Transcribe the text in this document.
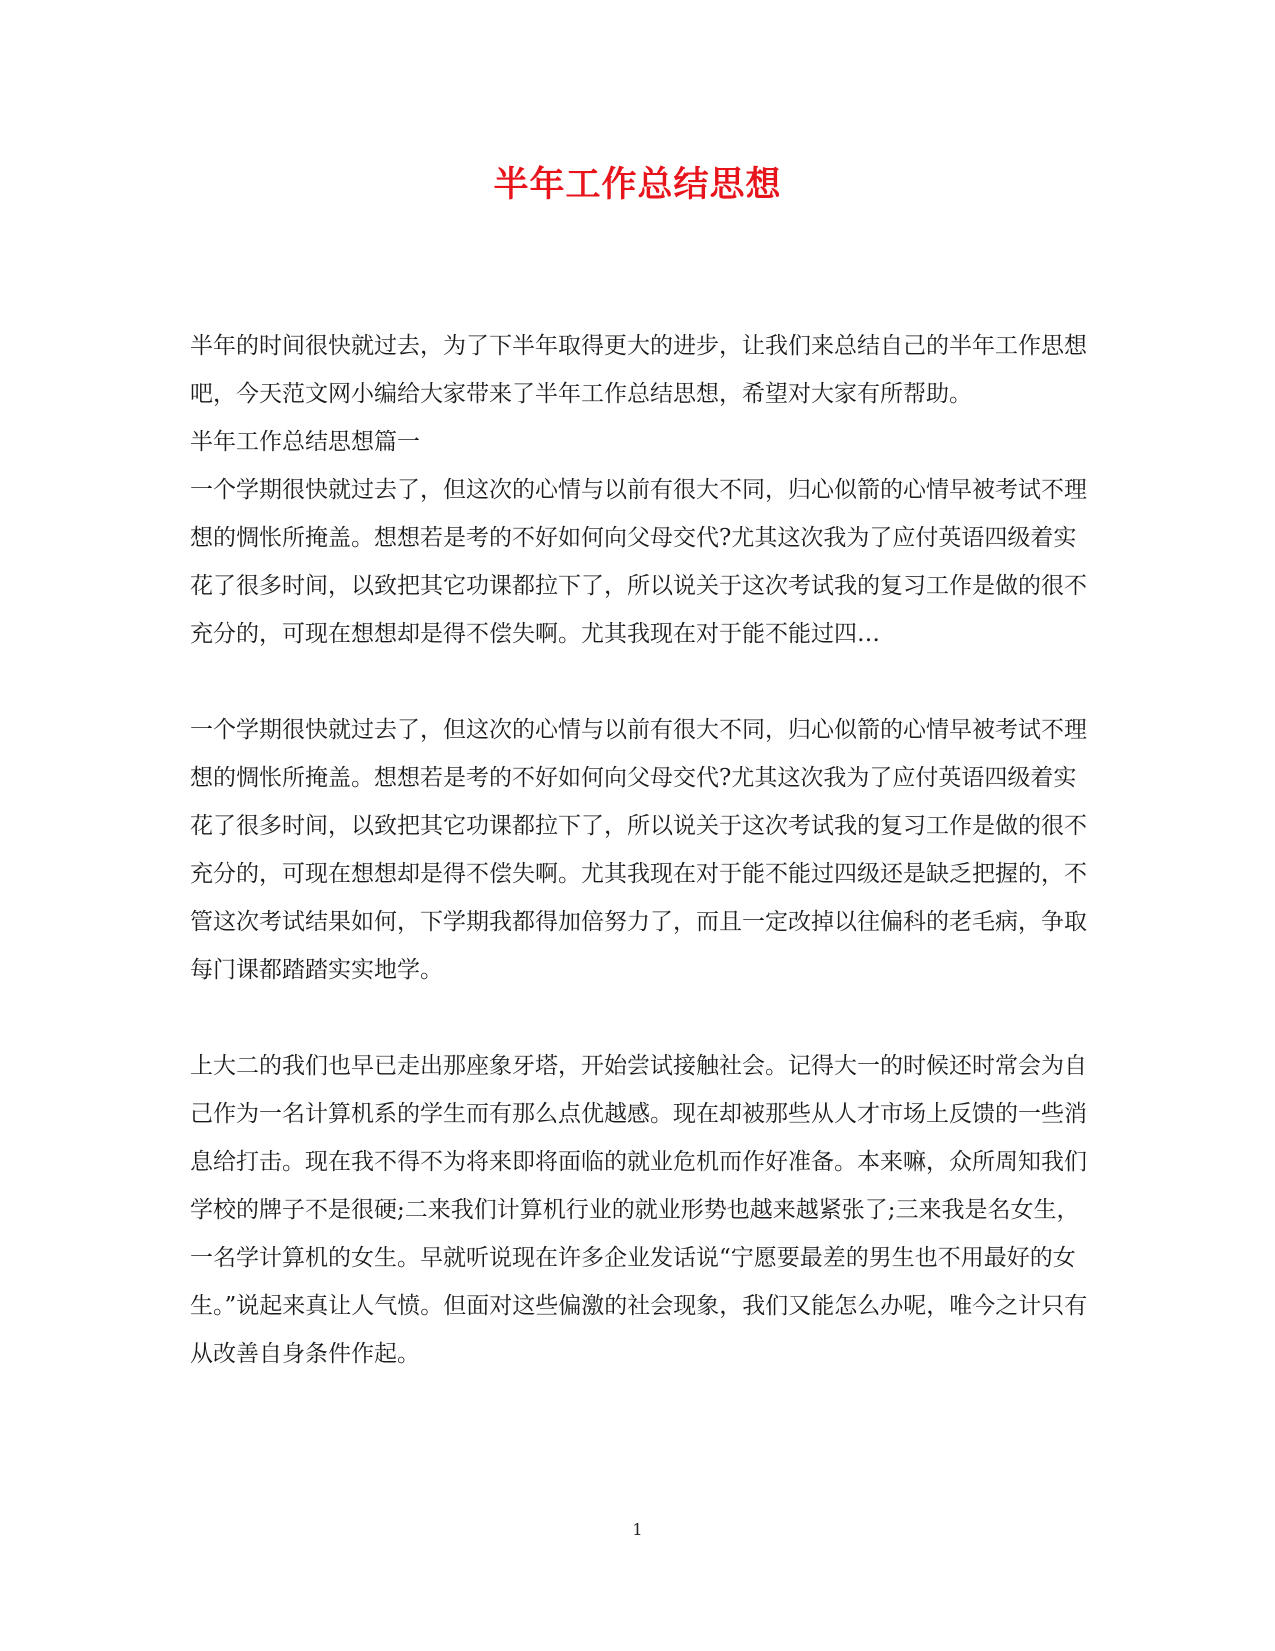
半年工作总结思想

半年的时间很快就过去，为了下半年取得更大的进步，让我们来总结自己的半年工作思想吧，今天范文网小编给大家带来了半年工作总结思想，希望对大家有所帮助。

半年工作总结思想篇一

一个学期很快就过去了，但这次的心情与以前有很大不同，归心似箭的心情早被考试不理想的惆怅所掩盖。想想若是考的不好如何向父母交代?尤其这次我为了应付英语四级着实花了很多时间，以致把其它功课都拉下了，所以说关于这次考试我的复习工作是做的很不充分的，可现在想想却是得不偿失啊。尤其我现在对于能不能过四…

一个学期很快就过去了，但这次的心情与以前有很大不同，归心似箭的心情早被考试不理想的惆怅所掩盖。想想若是考的不好如何向父母交代?尤其这次我为了应付英语四级着实花了很多时间，以致把其它功课都拉下了，所以说关于这次考试我的复习工作是做的很不充分的，可现在想想却是得不偿失啊。尤其我现在对于能不能过四级还是缺乏把握的，不管这次考试结果如何，下学期我都得加倍努力了，而且一定改掉以往偏科的老毛病，争取每门课都踏踏实实地学。

上大二的我们也早已走出那座象牙塔，开始尝试接触社会。记得大一的时候还时常会为自己作为一名计算机系的学生而有那么点优越感。现在却被那些从人才市场上反馈的一些消息给打击。现在我不得不为将来即将面临的就业危机而作好准备。本来嘛，众所周知我们学校的牌子不是很硬;二来我们计算机行业的就业形势也越来越紧张了;三来我是名女生，一名学计算机的女生。早就听说现在许多企业发话说“宁愿要最差的男生也不用最好的女生。”说起来真让人气愤。但面对这些偏激的社会现象，我们又能怎么办呢，唯今之计只有从改善自身条件作起。

1
